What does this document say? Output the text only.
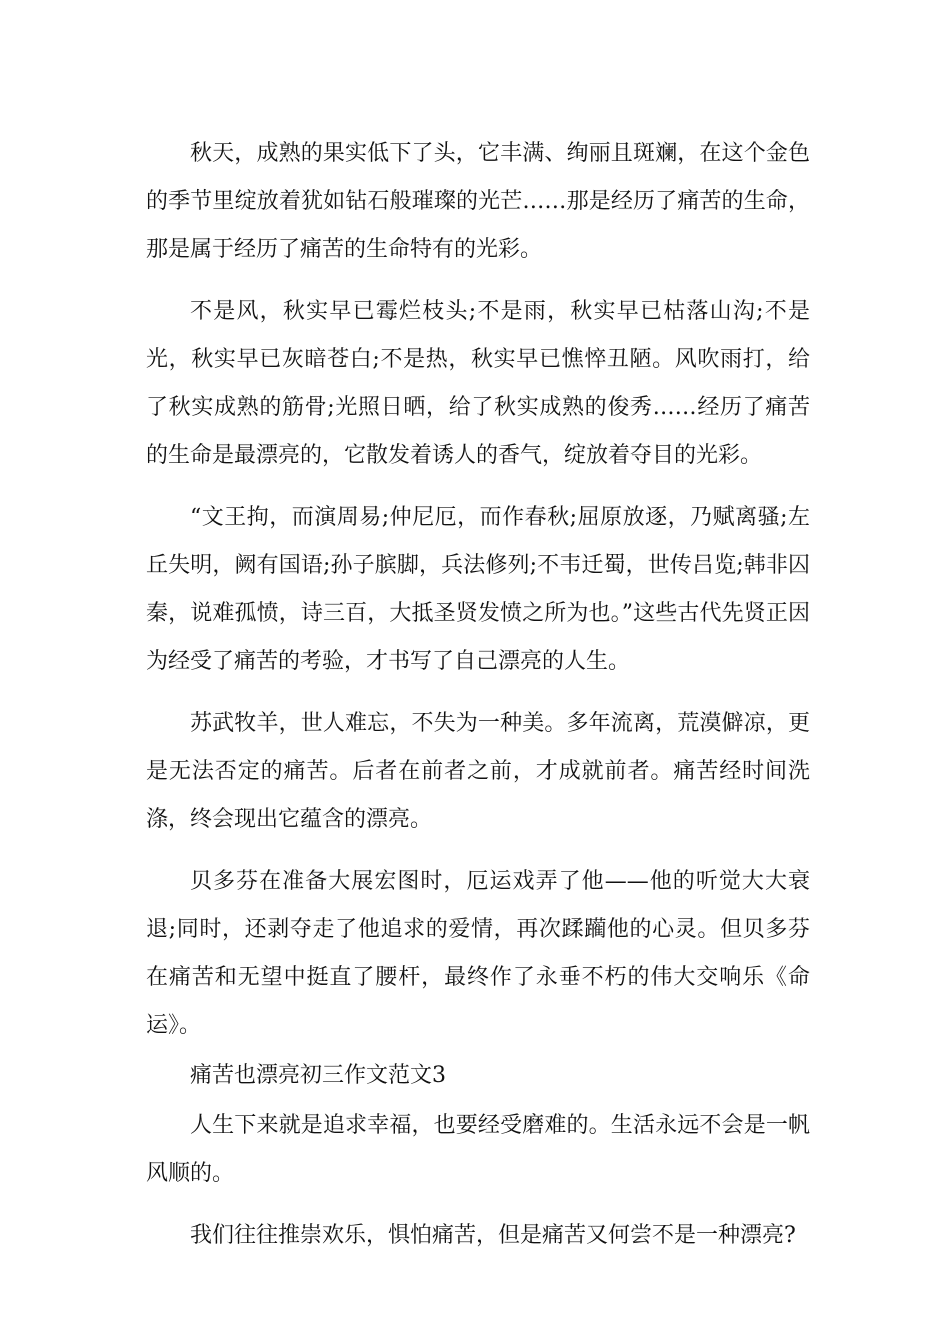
秋天，成熟的果实低下了头，它丰满、绚丽且斑斓，在这个金色的季节里绽放着犹如钻石般璀璨的光芒……那是经历了痛苦的生命，那是属于经历了痛苦的生命特有的光彩。

不是风，秋实早已霉烂枝头;不是雨，秋实早已枯落山沟;不是光，秋实早已灰暗苍白;不是热，秋实早已憔悴丑陋。风吹雨打，给了秋实成熟的筋骨;光照日晒，给了秋实成熟的俊秀……经历了痛苦的生命是最漂亮的，它散发着诱人的香气，绽放着夺目的光彩。

“文王拘，而演周易;仲尼厄，而作春秋;屈原放逐，乃赋离骚;左丘失明，阙有国语;孙子膑脚，兵法修列;不韦迁蜀，世传吕览;韩非囚秦，说难孤愤，诗三百，大抵圣贤发愤之所为也。”这些古代先贤正因为经受了痛苦的考验，才书写了自己漂亮的人生。

苏武牧羊，世人难忘，不失为一种美。多年流离，荒漠僻凉，更是无法否定的痛苦。后者在前者之前，才成就前者。痛苦经时间洗涤，终会现出它蕴含的漂亮。

贝多芬在准备大展宏图时，厄运戏弄了他——他的听觉大大衰退;同时，还剥夺走了他追求的爱情，再次蹂躏他的心灵。但贝多芬在痛苦和无望中挺直了腰杆，最终作了永垂不朽的伟大交响乐《命运》。

痛苦也漂亮初三作文范文3

人生下来就是追求幸福，也要经受磨难的。生活永远不会是一帆风顺的。

我们往往推崇欢乐，惧怕痛苦，但是痛苦又何尝不是一种漂亮?
